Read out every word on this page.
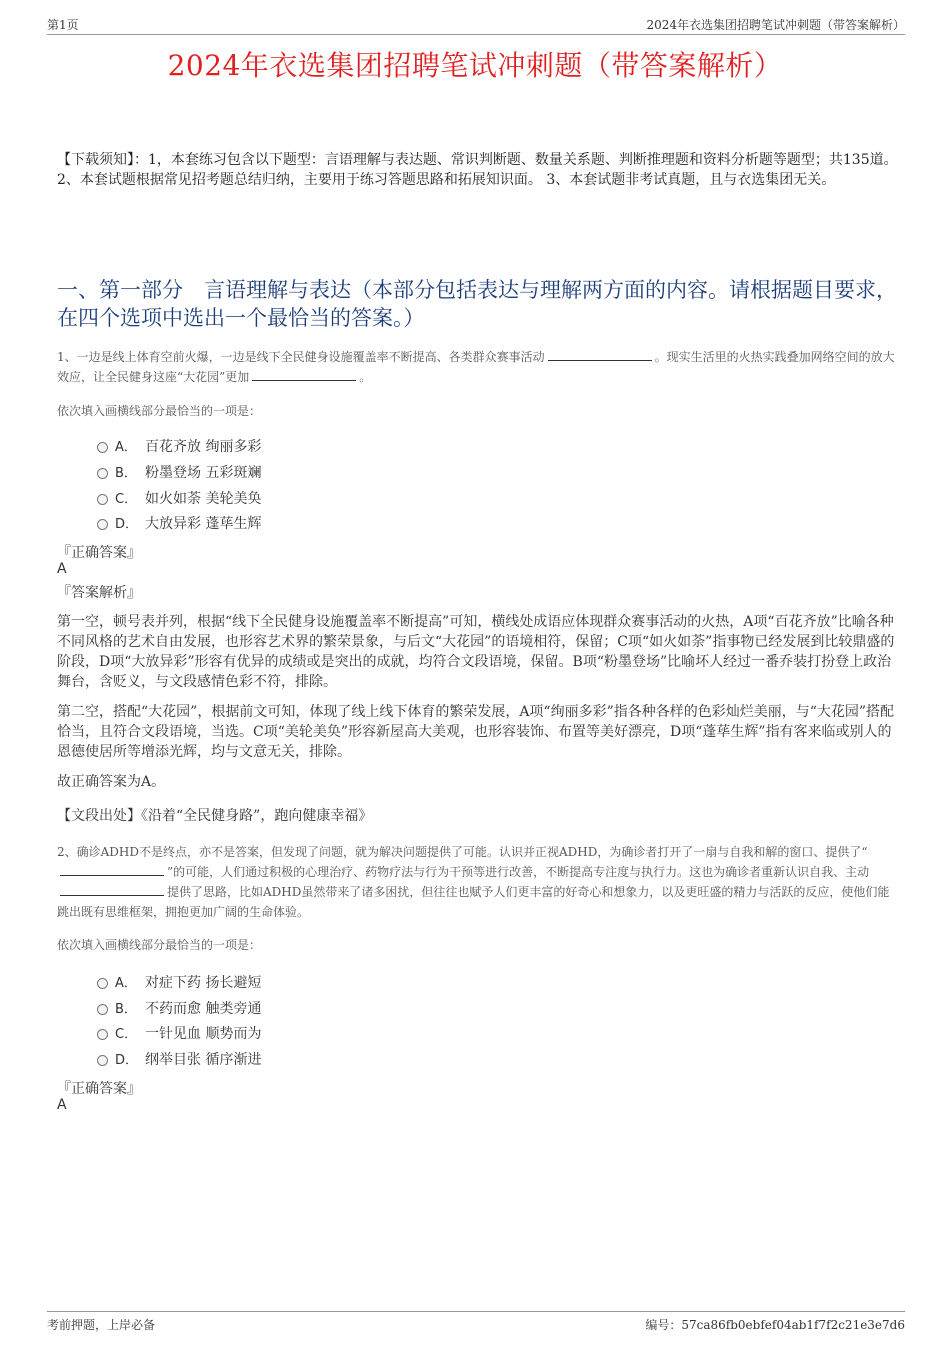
第1页	2024年衣选集团招聘笔试冲刺题（带答案解析）
2024年衣选集团招聘笔试冲刺题（带答案解析）
【下载须知】：1，本套练习包含以下题型：言语理解与表达题、常识判断题、数量关系题、判断推理题和资料分析题等题型；共135道。 2、本套试题根据常见招考题总结归纳，主要用于练习答题思路和拓展知识面。 3、本套试题非考试真题，且与衣选集团无关。
一、第一部分　言语理解与表达（本部分包括表达与理解两方面的内容。请根据题目要求，在四个选项中选出一个最恰当的答案。）
1、一边是线上体育空前火爆，一边是线下全民健身设施覆盖率不断提高、各类群众赛事活动	。现实生活里的火热实践叠加网络空间的放大效应，让全民健身这座“大花园”更加	。
依次填入画横线部分最恰当的一项是：
A． 百花齐放 绚丽多彩
B． 粉墨登场 五彩斑斓
C． 如火如荼 美轮美奂
D． 大放异彩 蓬荜生辉
『正确答案』
A
『答案解析』
第一空，顿号表并列，根据“线下全民健身设施覆盖率不断提高”可知，横线处成语应体现群众赛事活动的火热，A项“百花齐放”比喻各种不同风格的艺术自由发展，也形容艺术界的繁荣景象，与后文“大花园”的语境相符，保留；C项“如火如荼”指事物已经发展到比较鼎盛的阶段，D项“大放异彩”形容有优异的成绩或是突出的成就，均符合文段语境，保留。B项“粉墨登场”比喻坏人经过一番乔装打扮登上政治舞台，含贬义，与文段感情色彩不符，排除。
第二空，搭配“大花园”，根据前文可知，体现了线上线下体育的繁荣发展，A项“绚丽多彩”指各种各样的色彩灿烂美丽，与“大花园”搭配恰当，且符合文段语境，当选。C项“美轮美奂”形容新屋高大美观，也形容装饰、布置等美好漂亮，D项“蓬荜生辉”指有客来临或别人的恩德使居所等增添光辉，均与文意无关，排除。
故正确答案为A。
【文段出处】《沿着“全民健身路”，跑向健康幸福》
2、确诊ADHD不是终点，亦不是答案，但发现了问题，就为解决问题提供了可能。认识并正视ADHD，为确诊者打开了一扇与自我和解的窗口、提供了“”的可能，人们通过积极的心理治疗、药物疗法与行为干预等进行改善，不断提高专注度与执行力。这也为确诊者重新认识自我、主动提供了思路，比如ADHD虽然带来了诸多困扰，但往往也赋予人们更丰富的好奇心和想象力，以及更旺盛的精力与活跃的反应，使他们能跳出既有思维框架，拥抱更加广阔的生命体验。
依次填入画横线部分最恰当的一项是：
A． 对症下药 扬长避短
B． 不药而愈 触类旁通
C． 一针见血 顺势而为
D． 纲举目张 循序渐进
『正确答案』
A
考前押题，上岸必备	编号：57ca86fb0ebfef04ab1f7f2c21e3e7d6
